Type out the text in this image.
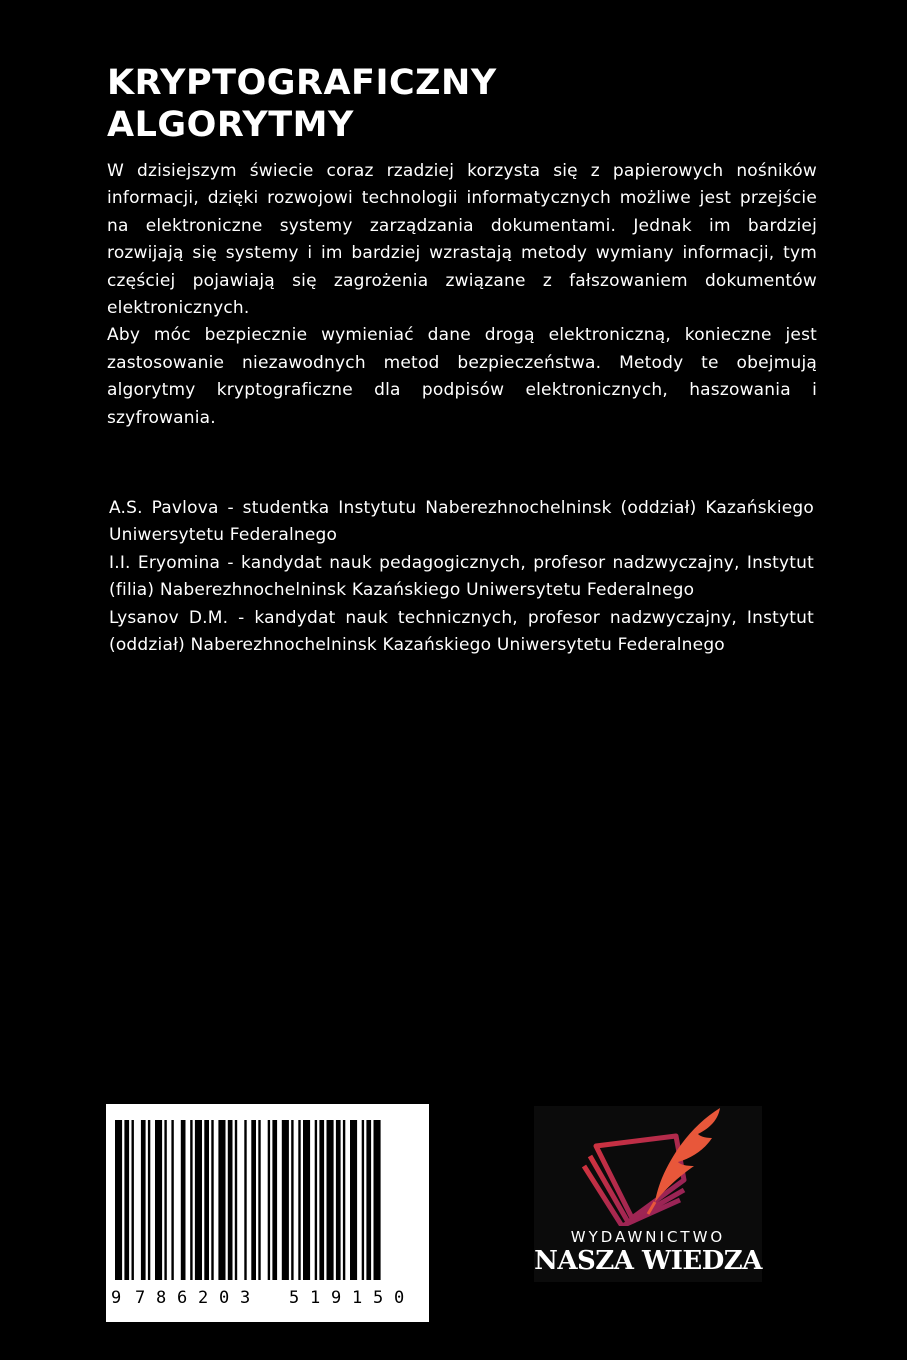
KRYPTOGRAFICZNY
ALGORYTMY

W dzisiejszym świecie coraz rzadziej korzysta się z papierowych nośników informacji, dzięki rozwojowi technologii informatycznych możliwe jest przejście na elektroniczne systemy zarządzania dokumentami. Jednak im bardziej rozwijają się systemy i im bardziej wzrastają metody wymiany informacji, tym częściej pojawiają się zagrożenia związane z fałszowaniem dokumentów elektronicznych.

Aby móc bezpiecznie wymieniać dane drogą elektroniczną, konieczne jest zastosowanie niezawodnych metod bezpieczeństwa. Metody te obejmują algorytmy kryptograficzne dla podpisów elektronicznych, haszowania i szyfrowania.

A.S. Pavlova - studentka Instytutu Naberezhnochelninsk (oddział) Kazańskiego Uniwersytetu Federalnego

I.I. Eryomina - kandydat nauk pedagogicznych, profesor nadzwyczajny, Instytut (filia) Naberezhnochelninsk Kazańskiego Uniwersytetu Federalnego

Lysanov D.M. - kandydat nauk technicznych, profesor nadzwyczajny, Instytut (oddział) Naberezhnochelninsk Kazańskiego Uniwersytetu Federalnego

9 7 8 6 2 0 3 5 1 9 1 5 0
WYDAWNICTWO
NASZA WIEDZA
